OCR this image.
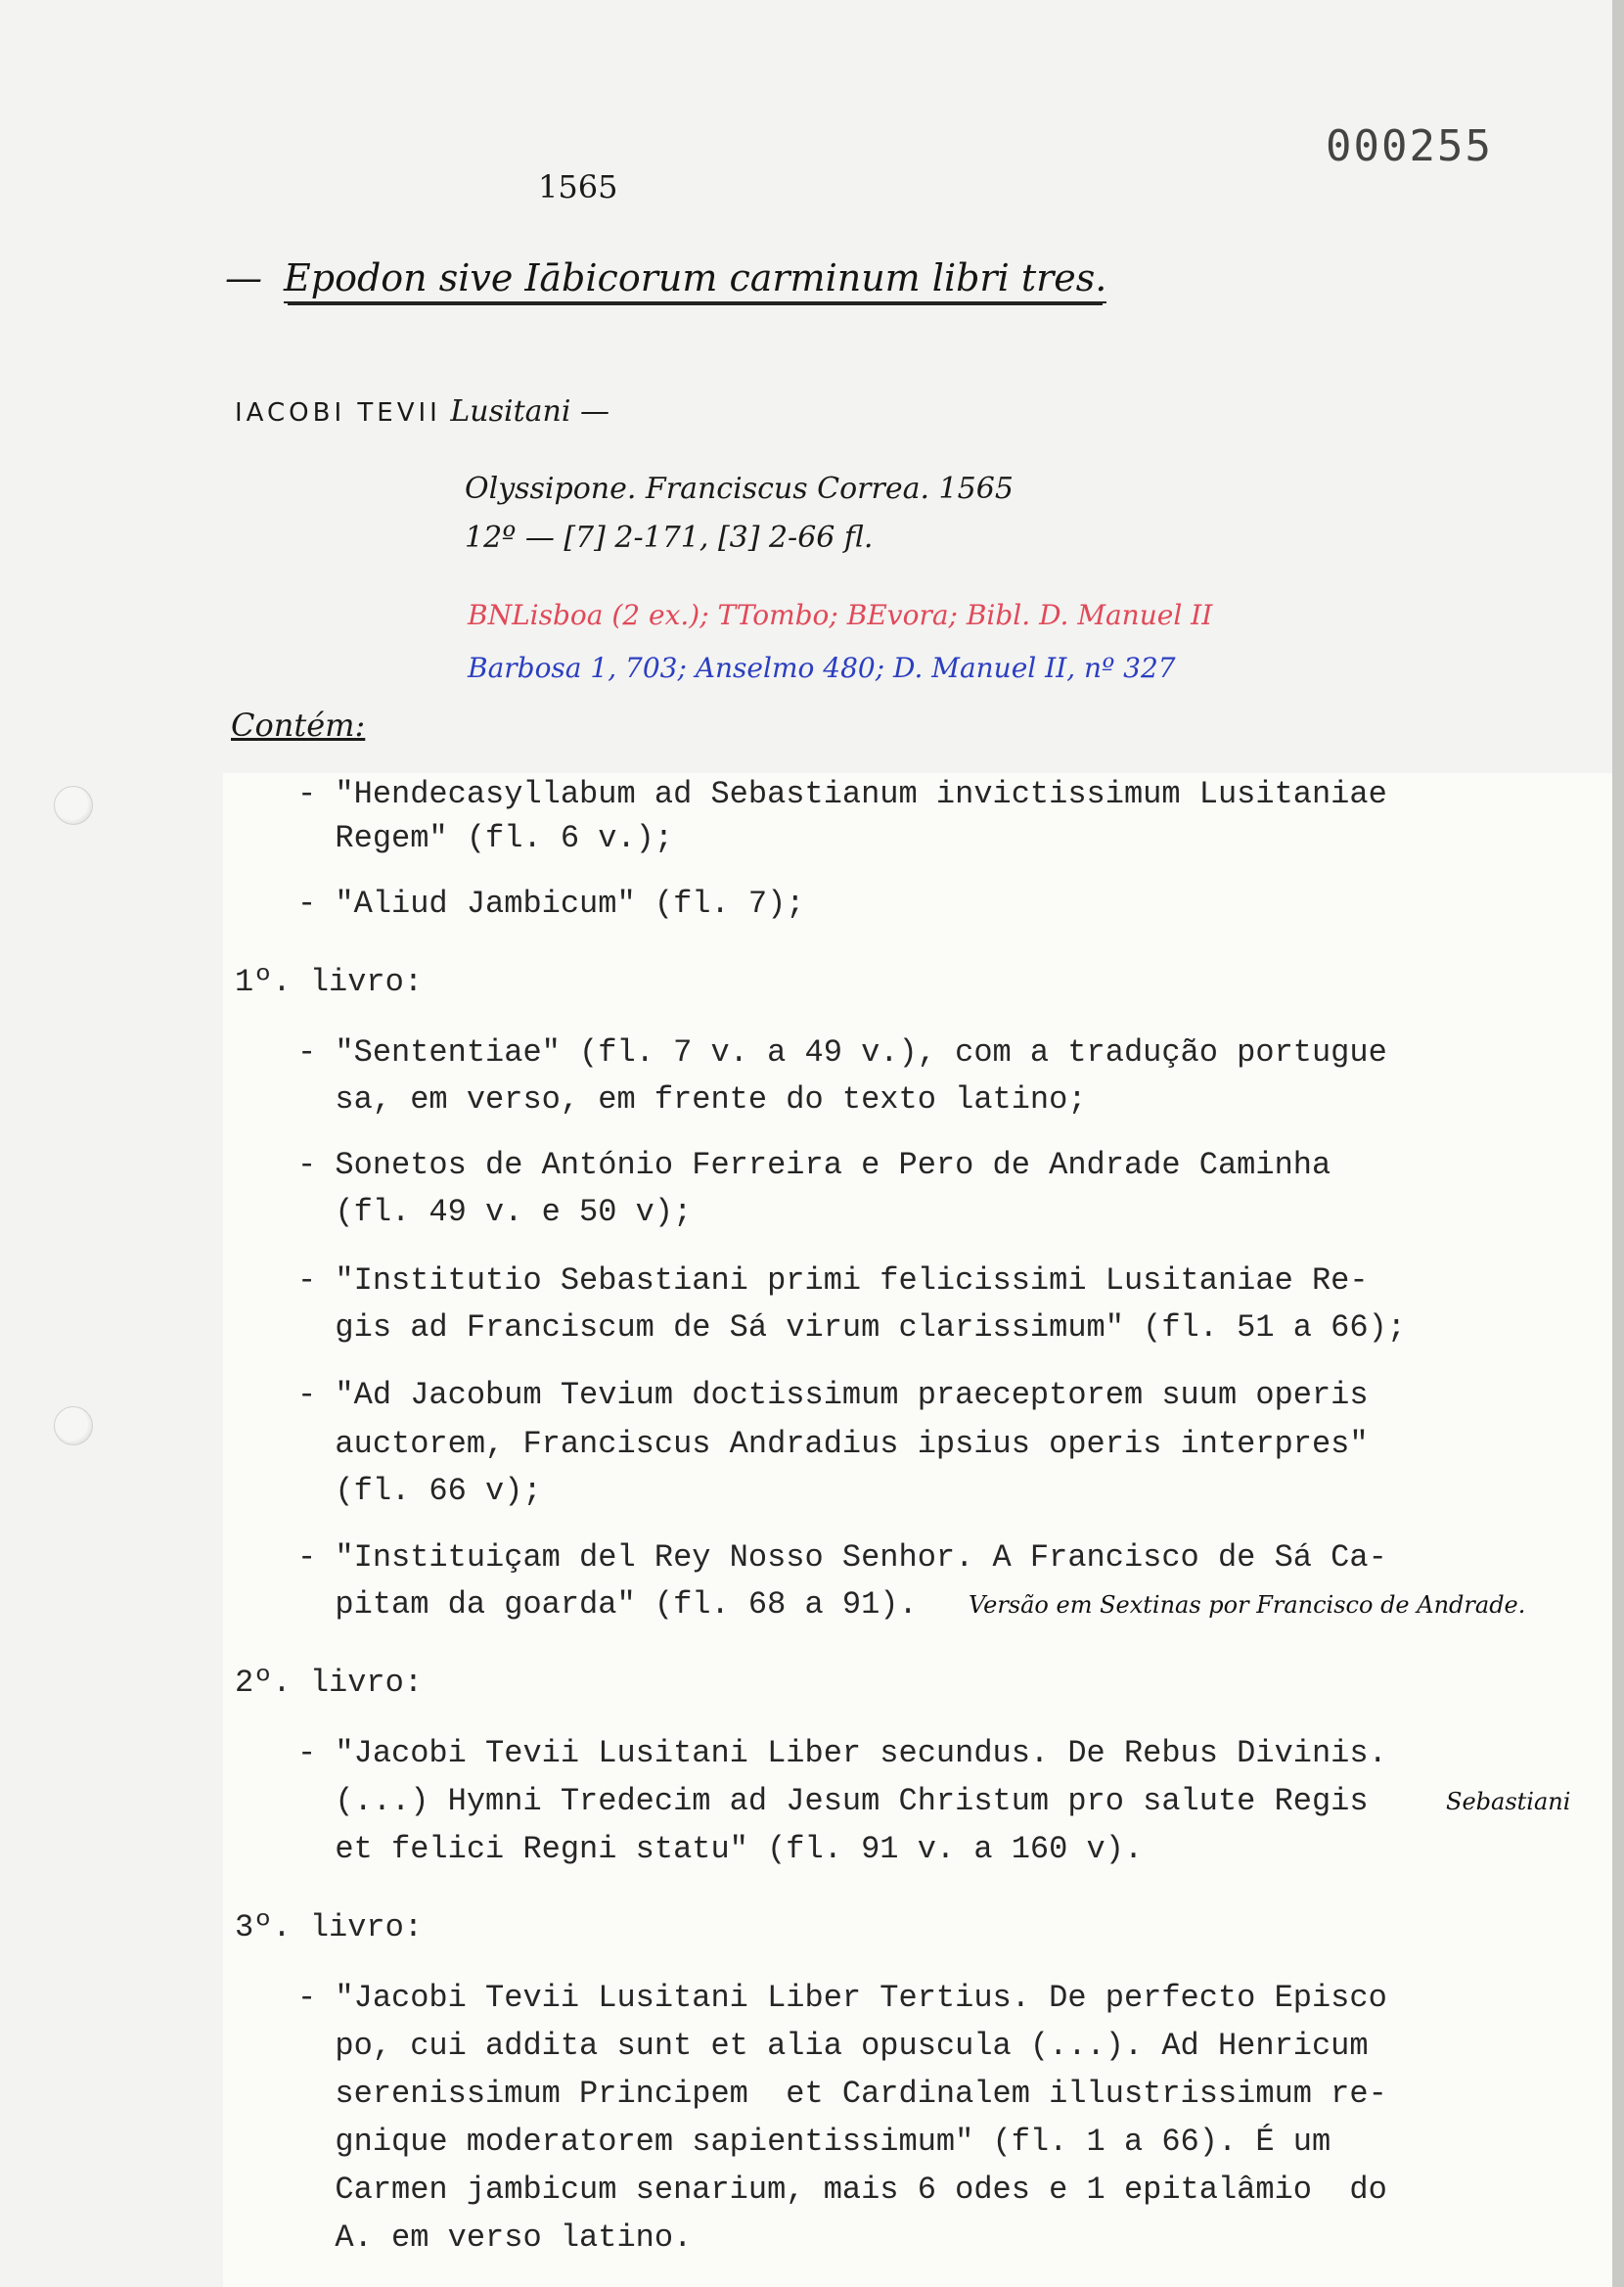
000255
1565
— Epodon sive Iābicorum carminum libri tres.
IACOBI TEVII Lusitani —
Olyssipone. Franciscus Correa. 1565
12º — [7] 2-171, [3] 2-66 fl.
BNLisboa (2 ex.); TTombo; BEvora; Bibl. D. Manuel II
Barbosa 1, 703; Anselmo 480; D. Manuel II, nº 327
Contém:
- "Hendecasyllabum ad Sebastianum invictissimum Lusitaniae
Regem" (fl. 6 v.);
- "Aliud Jambicum" (fl. 7);
1º. livro:
- "Sententiae" (fl. 7 v. a 49 v.), com a tradução portugue
sa, em verso, em frente do texto latino;
- Sonetos de António Ferreira e Pero de Andrade Caminha
(fl. 49 v. e 50 v);
- "Institutio Sebastiani primi felicissimi Lusitaniae Re-
gis ad Franciscum de Sá virum clarissimum" (fl. 51 a 66);
- "Ad Jacobum Tevium doctissimum praeceptorem suum operis
auctorem, Franciscus Andradius ipsius operis interpres"
(fl. 66 v);
- "Instituiçam del Rey Nosso Senhor. A Francisco de Sá Ca-
pitam da goarda" (fl. 68 a 91). Versão em Sextinas por Francisco de Andrade.
2º. livro:
- "Jacobi Tevii Lusitani Liber secundus. De Rebus Divinis.
(...) Hymni Tredecim ad Jesum Christum pro salute Regis	Sebastiani
et felici Regni statu" (fl. 91 v. a 160 v).
3º. livro:
- "Jacobi Tevii Lusitani Liber Tertius. De perfecto Episco
po, cui addita sunt et alia opuscula (...). Ad Henricum
serenissimum Principem  et Cardinalem illustrissimum re-
gnique moderatorem sapientissimum" (fl. 1 a 66). É um
Carmen jambicum senarium, mais 6 odes e 1 epitalâmio  do
A. em verso latino.
